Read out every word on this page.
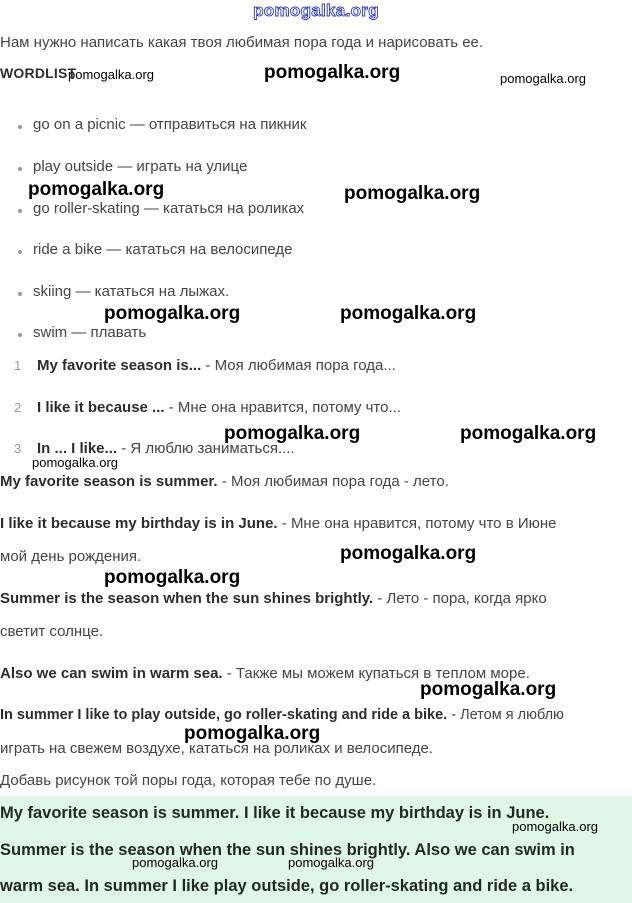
pomogalka.org
Нам нужно написать какая твоя любимая пора года и нарисовать ее.
WORDLIST
go on a picnic — отправиться на пикник
play outside — играть на улице
go roller-skating — кататься на роликах
ride a bike — кататься на велосипеде
skiing — кататься на лыжах.
swim — плавать
1 My favorite season is... - Моя любимая пора года...
2 I like it because ... - Мне она нравится, потому что...
3 In ... I like... - Я люблю заниматься....
My favorite season is summer. - Моя любимая пора года - лето.
I like it because my birthday is in June. - Мне она нравится, потому что в Июне
мой день рождения.
Summer is the season when the sun shines brightly. - Лето - пора, когда ярко
светит солнце.
Also we can swim in warm sea. - Также мы можем купаться в теплом море.
In summer I like to play outside, go roller-skating and ride a bike. - Летом я люблю
играть на свежем воздухе, кататься на роликах и велосипеде.
Добавь рисунок той поры года, которая тебе по душе.
My favorite season is summer. I like it because my birthday is in June.
Summer is the season when the sun shines brightly. Also we can swim in
warm sea. In summer I like play outside, go roller-skating and ride a bike.
pomogalka.org	pomogalka.org	pomogalka.org
pomogalka.org	pomogalka.org
pomogalka.org	pomogalka.org
pomogalka.org	pomogalka.org
pomogalka.org
pomogalka.org
pomogalka.org
pomogalka.org
pomogalka.org
pomogalka.org
pomogalka.org	pomogalka.org
